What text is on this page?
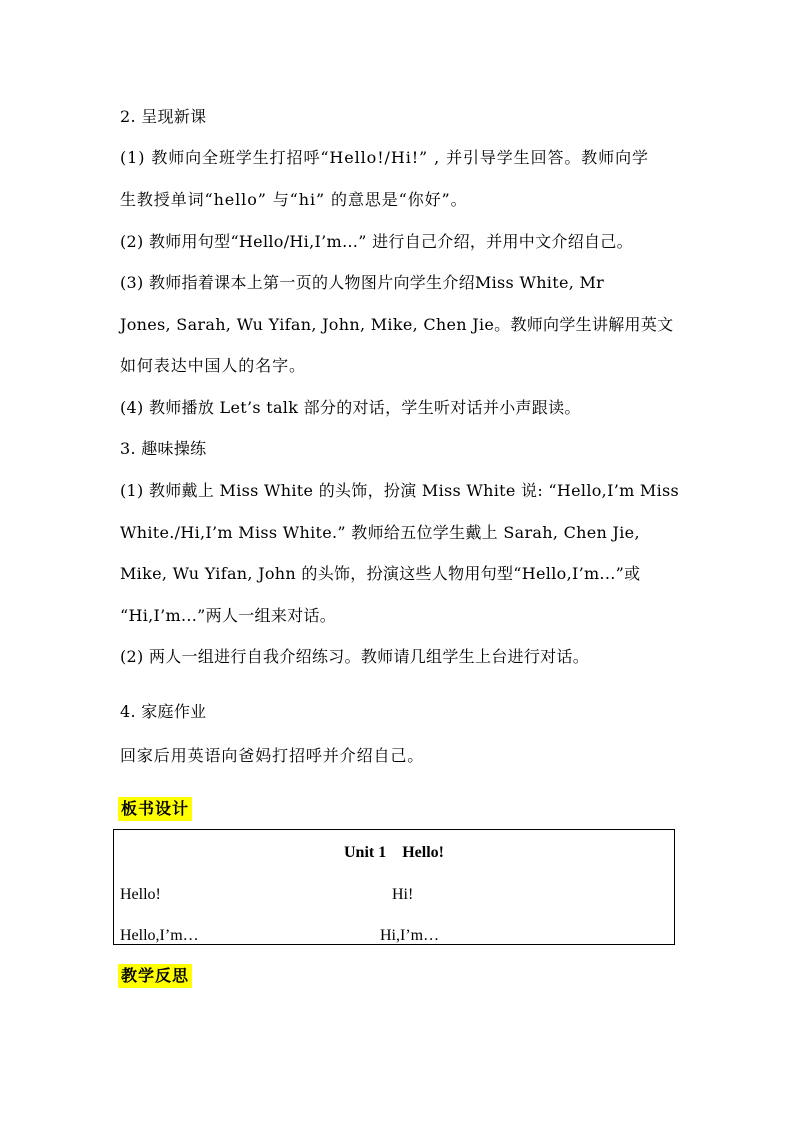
2. 呈现新课
(1) 教师向全班学生打招呼“Hello!/Hi!” , 并引导学生回答。教师向学
生教授单词“hello” 与“hi” 的意思是“你好”。
(2) 教师用句型“Hello/Hi,I’m…” 进行自己介绍，并用中文介绍自己。
(3) 教师指着课本上第一页的人物图片向学生介绍Miss White, Mr
Jones, Sarah, Wu Yifan, John, Mike, Chen Jie。教师向学生讲解用英文
如何表达中国人的名字。
(4) 教师播放 Let’s talk 部分的对话，学生听对话并小声跟读。
3. 趣味操练
(1) 教师戴上 Miss White 的头饰，扮演 Miss White 说: “Hello,I’m Miss
White./Hi,I’m Miss White.” 教师给五位学生戴上 Sarah, Chen Jie,
Mike, Wu Yifan, John 的头饰，扮演这些人物用句型“Hello,I’m...”或
“Hi,I’m...”两人一组来对话。
(2) 两人一组进行自我介绍练习。教师请几组学生上台进行对话。
4. 家庭作业
回家后用英语向爸妈打招呼并介绍自己。
板书设计
Unit 1    Hello!
Hello!	Hi!
Hello,I’m…	Hi,I’m…
教学反思
